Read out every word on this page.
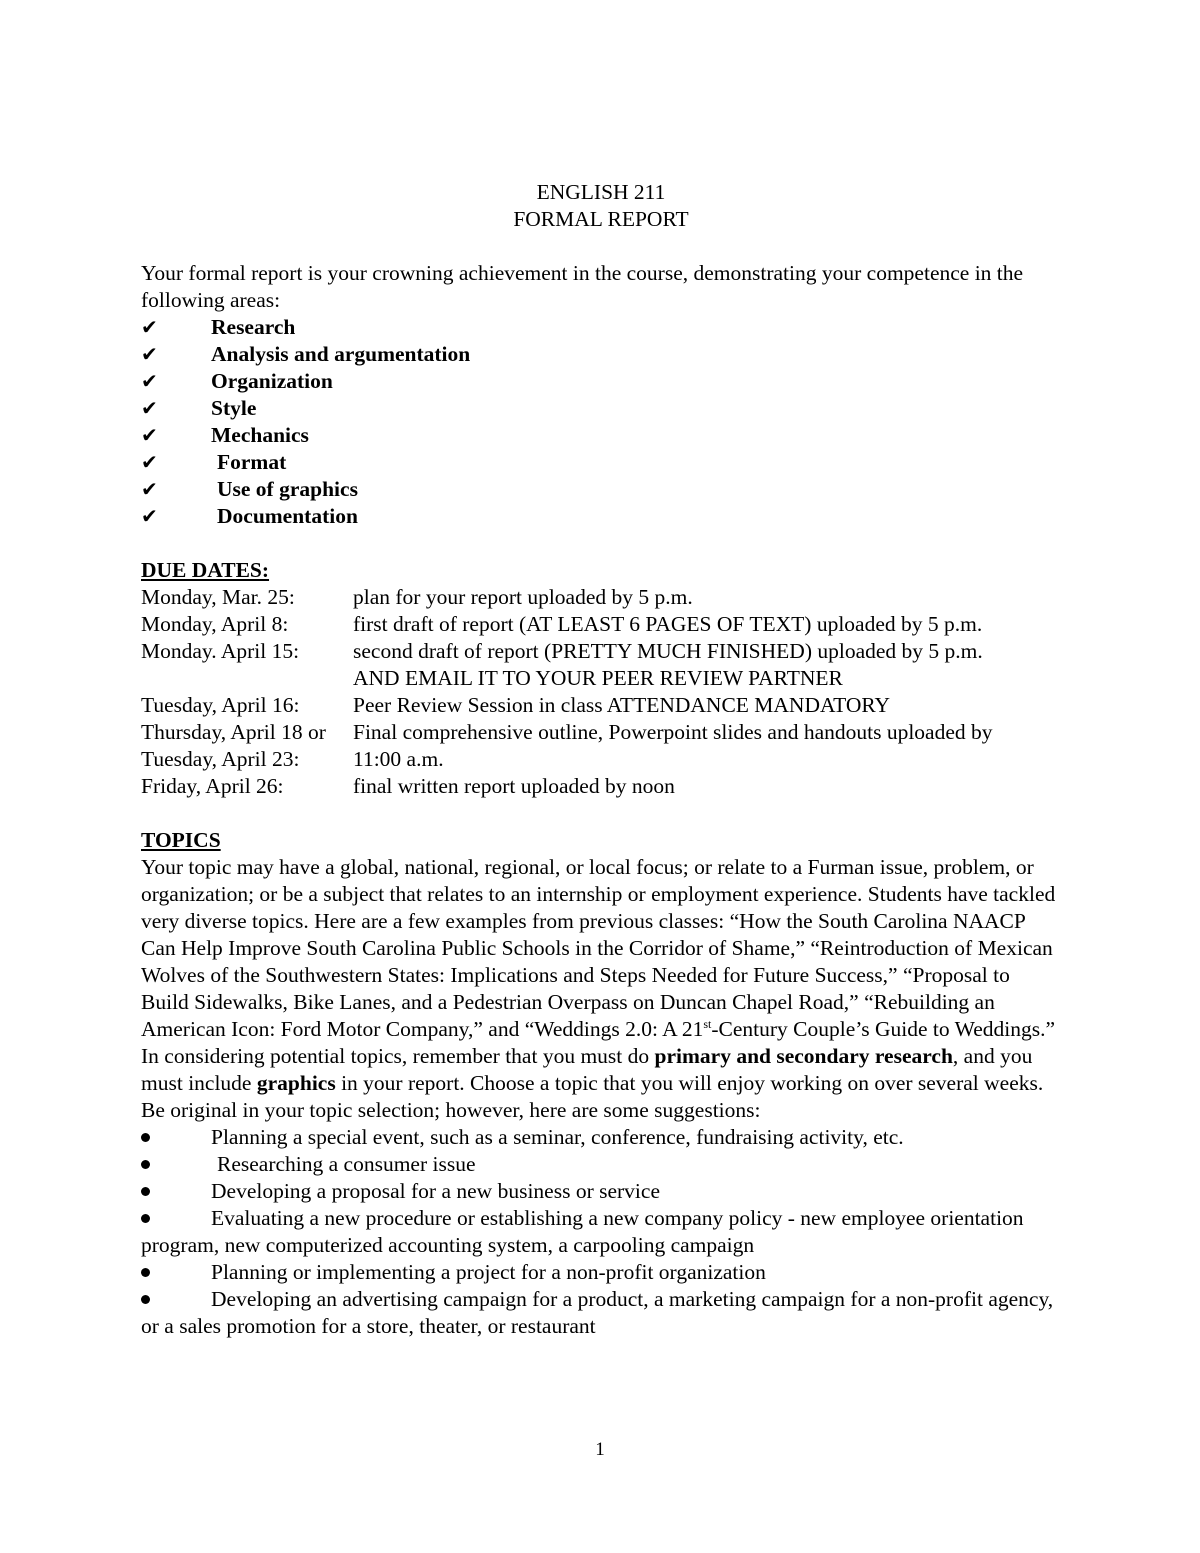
ENGLISH 211
FORMAL REPORT
Your formal report is your crowning achievement in the course, demonstrating your competence in the following areas:
✔	Research
✔	Analysis and argumentation
✔	Organization
✔	Style
✔	Mechanics
✔	Format
✔	Use of graphics
✔	Documentation
DUE DATES:
Monday, Mar. 25:	plan for your report uploaded by 5 p.m.
Monday, April 8:	first draft of report (AT LEAST 6 PAGES OF TEXT) uploaded by 5 p.m.
Monday. April 15:	second draft of report (PRETTY MUCH FINISHED) uploaded by 5 p.m.
AND EMAIL IT TO YOUR PEER REVIEW PARTNER
Tuesday, April 16:	Peer Review Session in class ATTENDANCE MANDATORY
Thursday, April 18 or	Final comprehensive outline, Powerpoint slides and handouts uploaded by
Tuesday, April 23:	11:00 a.m.
Friday, April 26:	final written report uploaded by noon
TOPICS

Your topic may have a global, national, regional, or local focus; or relate to a Furman issue, problem, or organization; or be a subject that relates to an internship or employment experience. Students have tackled very diverse topics. Here are a few examples from previous classes: “How the South Carolina NAACP Can Help Improve South Carolina Public Schools in the Corridor of Shame,” “Reintroduction of Mexican Wolves of the Southwestern States: Implications and Steps Needed for Future Success,” “Proposal to Build Sidewalks, Bike Lanes, and a Pedestrian Overpass on Duncan Chapel Road,” “Rebuilding an American Icon: Ford Motor Company,” and “Weddings 2.0: A 21st-Century Couple’s Guide to Weddings.” In considering potential topics, remember that you must do primary and secondary research, and you must include graphics in your report. Choose a topic that you will enjoy working on over several weeks. Be original in your topic selection; however, here are some suggestions:

Planning a special event, such as a seminar, conference, fundraising activity, etc.
Researching a consumer issue
Developing a proposal for a new business or service
Evaluating a new procedure or establishing a new company policy - new employee orientation program, new computerized accounting system, a carpooling campaign
Planning or implementing a project for a non-profit organization
Developing an advertising campaign for a product, a marketing campaign for a non-profit agency, or a sales promotion for a store, theater, or restaurant
1
